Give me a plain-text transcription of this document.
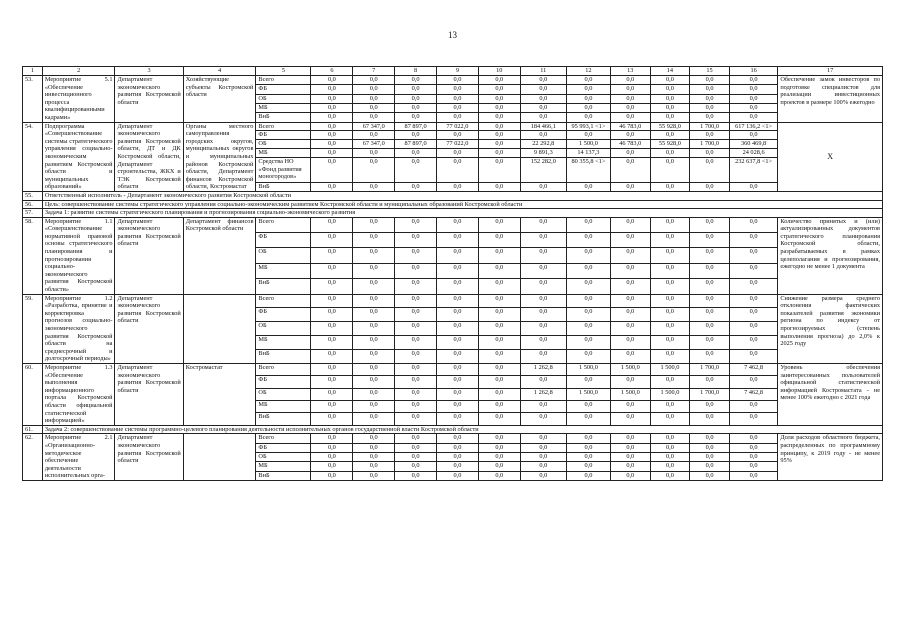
13
1	2	3	4	5	6	7	8	9	10	11	12	13	14	15	16	17
53.	Мероприятие 5.1 «Обеспечение инвестиционного процесса квалифицированными кадрами»	Департамент экономического развития Костромской области	Хозяйствующие субъекты Костромской области	Всего	0,0	0,0	0,0	0,0	0,0	0,0	0,0	0,0	0,0	0,0	0,0	Обеспечение замок инвесторов по подготовке специалистов для реализации инвестиционных проектов в размере 100% ежегодно
				ФБ	0,0	0,0	0,0	0,0	0,0	0,0	0,0	0,0	0,0	0,0	0,0	
				ОБ	0,0	0,0	0,0	0,0	0,0	0,0	0,0	0,0	0,0	0,0	0,0	
				МБ	0,0	0,0	0,0	0,0	0,0	0,0	0,0	0,0	0,0	0,0	0,0	
				ВнБ	0,0	0,0	0,0	0,0	0,0	0,0	0,0	0,0	0,0	0,0	0,0	
54.	Подпрограмма «Совершенствование системы стратегического управления социально-экономическим развитием Костромской области и муниципальных образований»	Департамент экономического развития Костромской области, ДТ и ДК Костромской области, Департамент строительства, ЖКХ и ТЭК Костромской области	Органы местного самоуправления городских округов, муниципальных округов и муниципальных районов Костромской области, Департамент финансов Костромской области, Костромастат	Всего	0,0	67 347,0	87 897,0	77 022,0	0,0	184 466,1	95 993,1 <1>	46 783,0	55 928,0	1 700,0	617 136,2 <1>	X
				ФБ	0,0	0,0	0,0	0,0	0,0	0,0	0,0	0,0	0,0	0,0	0,0	
				ОБ	0,0	67 347,0	87 897,0	77 022,0	0,0	22 292,8	1 500,0	46 783,0	55 928,0	1 700,0	360 469,8	
				МБ	0,0	0,0	0,0	0,0	0,0	9 891,3	14 137,3	0,0	0,0	0,0	24 028,6	
				Средства НО «Фонд развития моногородов»	0,0	0,0	0,0	0,0	0,0	152 282,0	80 355,8 <1>	0,0	0,0	0,0	232 637,8 <1>	
				ВнБ	0,0	0,0	0,0	0,0	0,0	0,0	0,0	0,0	0,0	0,0	0,0	
55.	Ответственный исполнитель - Департамент экономического развития Костромской области															
56.	Цель: совершенствование системы стратегического управления социально-экономическим развитием Костромской области и муниципальных образований Костромской области															
57.	Задача 1: развитие системы стратегического планирования и прогнозирования социально-экономического развития															
58.	Мероприятие 1.1 «Совершенствование нормативной правовой основы стратегического планирования и прогнозирования социально-экономического развития Костромской области»	Департамент экономического развития Костромской области	Департамент финансов Костромской области	Всего	0,0	0,0	0,0	0,0	0,0	0,0	0,0	0,0	0,0	0,0	0,0	Количество принятых и (или) актуализированных документов стратегического планирования Костромской области, разрабатываемых в рамках целеполагания и прогнозирования, ежегодно не менее 1 документа
				ФБ	0,0	0,0	0,0	0,0	0,0	0,0	0,0	0,0	0,0	0,0	0,0	
				ОБ	0,0	0,0	0,0	0,0	0,0	0,0	0,0	0,0	0,0	0,0	0,0	
				МБ	0,0	0,0	0,0	0,0	0,0	0,0	0,0	0,0	0,0	0,0	0,0	
				ВнБ	0,0	0,0	0,0	0,0	0,0	0,0	0,0	0,0	0,0	0,0	0,0	
59.	Мероприятие 1.2 «Разработка, принятие и корректировка прогнозов социально-экономического развития Костромской области на среднесрочный и долгосрочный периоды»	Департамент экономического развития Костромской области		Всего	0,0	0,0	0,0	0,0	0,0	0,0	0,0	0,0	0,0	0,0	0,0	Снижение размера среднего отклонения фактических показателей развития экономики региона по индексу от прогнозируемых (степень выполнения прогноза) до 2,0% к 2025 году
				ФБ	0,0	0,0	0,0	0,0	0,0	0,0	0,0	0,0	0,0	0,0	0,0	
				ОБ	0,0	0,0	0,0	0,0	0,0	0,0	0,0	0,0	0,0	0,0	0,0	
				МБ	0,0	0,0	0,0	0,0	0,0	0,0	0,0	0,0	0,0	0,0	0,0	
				ВнБ	0,0	0,0	0,0	0,0	0,0	0,0	0,0	0,0	0,0	0,0	0,0	
60.	Мероприятие 1.3 «Обеспечение выполнения информационного портала Костромской области официальной статистической информацией»	Департамент экономического развития Костромской области	Костромастат	Всего	0,0	0,0	0,0	0,0	0,0	1 262,8	1 500,0	1 500,0	1 500,0	1 700,0	7 462,8	Уровень обеспечения заинтересованных пользователей официальной статистической информацией Костромастата - не менее 100% ежегодно с 2021 года
				ФБ	0,0	0,0	0,0	0,0	0,0	0,0	0,0	0,0	0,0	0,0	0,0	
				ОБ	0,0	0,0	0,0	0,0	0,0	1 262,8	1 500,0	1 500,0	1 500,0	1 700,0	7 462,8	
				МБ	0,0	0,0	0,0	0,0	0,0	0,0	0,0	0,0	0,0	0,0	0,0	
				ВнБ	0,0	0,0	0,0	0,0	0,0	0,0	0,0	0,0	0,0	0,0	0,0	
61.	Задача 2: совершенствование системы программно-целевого планирования деятельности исполнительных органов государственной власти Костромской области															
62.	Мероприятие 2.1 «Организационно-методическое обеспечение деятельности исполнительных орга-	Департамент экономического развития Костромской области		Всего	0,0	0,0	0,0	0,0	0,0	0,0	0,0	0,0	0,0	0,0	0,0	Доля расходов областного бюджета, распределенных по программному принципу, к 2019 году - не менее 95%
				ФБ	0,0	0,0	0,0	0,0	0,0	0,0	0,0	0,0	0,0	0,0	0,0	
				ОБ	0,0	0,0	0,0	0,0	0,0	0,0	0,0	0,0	0,0	0,0	0,0	
				МБ	0,0	0,0	0,0	0,0	0,0	0,0	0,0	0,0	0,0	0,0	0,0	
				ВнБ	0,0	0,0	0,0	0,0	0,0	0,0	0,0	0,0	0,0	0,0	0,0	
